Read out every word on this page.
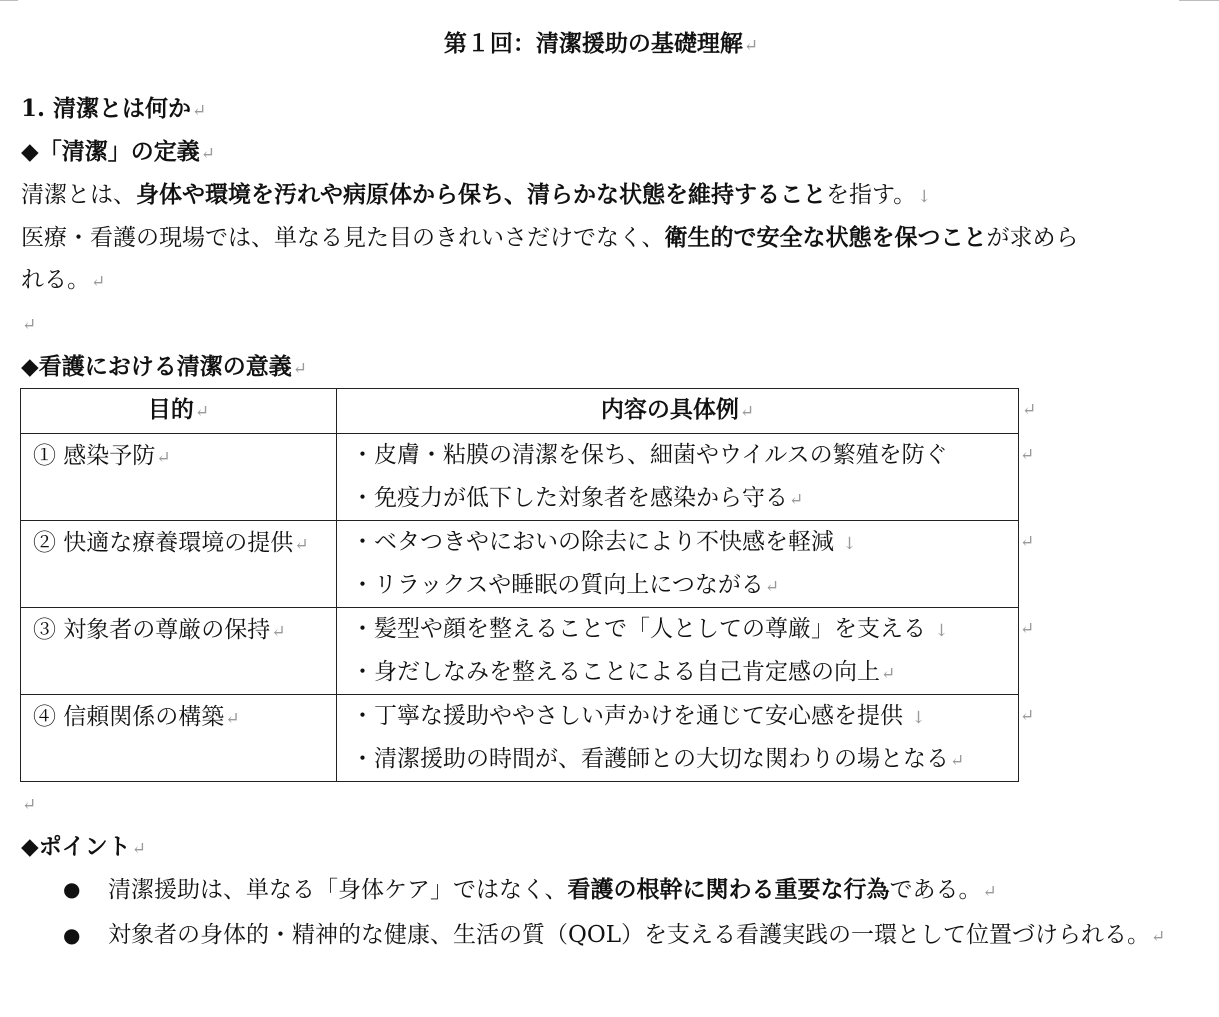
第１回：清潔援助の基礎理解↵
1. 清潔とは何か↵
◆「清潔」の定義↵
清潔とは、身体や環境を汚れや病原体から保ち、清らかな状態を維持することを指す。↓
医療・看護の現場では、単なる見た目のきれいさだけでなく、衛生的で安全な状態を保つことが求めら
れる。↵
↵
◆看護における清潔の意義↵
目的↵	内容の具体例↵ ↵

① 感染予防↵	・皮膚・粘膜の清潔を保ち、細菌やウイルスの繁殖を防ぐ ↵
・免疫力が低下した対象者を感染から守る↵

② 快適な療養環境の提供↵	・ベタつきやにおいの除去により不快感を軽減 ↓ ↵
・リラックスや睡眠の質向上につながる↵

③ 対象者の尊厳の保持↵	・髪型や顔を整えることで「人としての尊厳」を支える ↓ ↵
・身だしなみを整えることによる自己肯定感の向上↵

④ 信頼関係の構築↵	・丁寧な援助ややさしい声かけを通じて安心感を提供 ↓ ↵
・清潔援助の時間が、看護師との大切な関わりの場となる↵
↵
◆ポイント↵
● 清潔援助は、単なる「身体ケア」ではなく、看護の根幹に関わる重要な行為である。↵
● 対象者の身体的・精神的な健康、生活の質（QOL）を支える看護実践の一環として位置づけられる。↵
